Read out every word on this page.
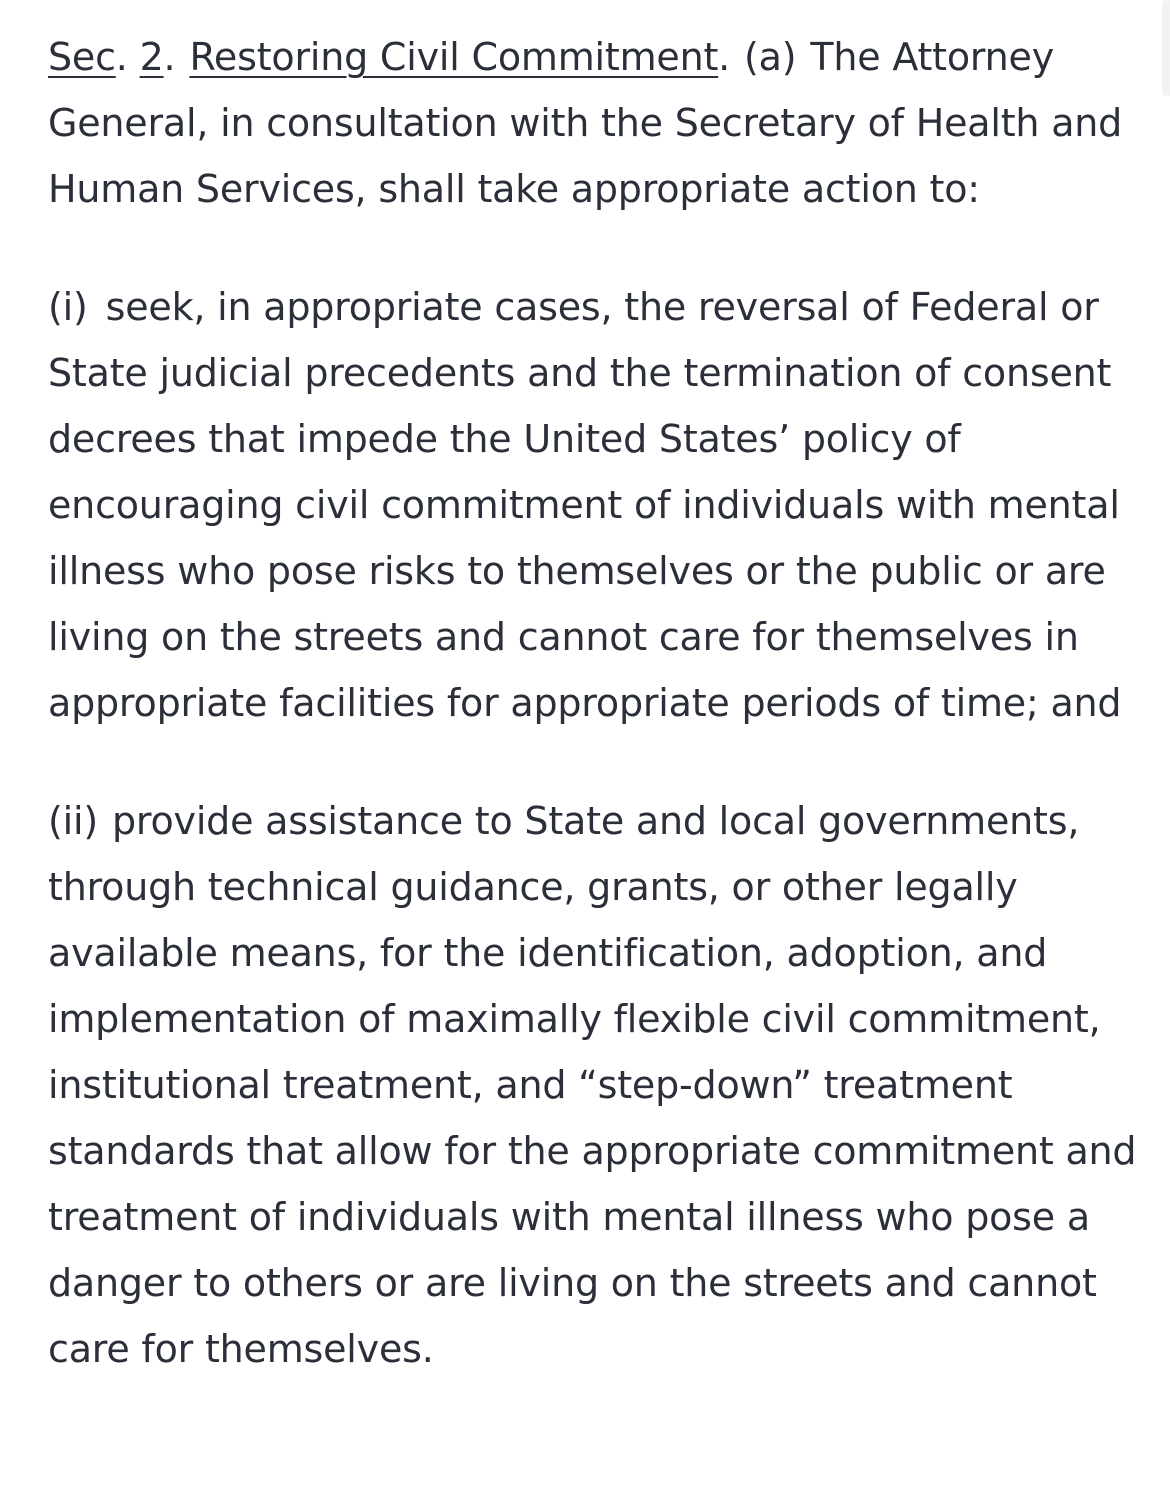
Sec. 2. Restoring Civil Commitment. (a) The Attorney General, in consultation with the Secretary of Health and Human Services, shall take appropriate action to:

(i) seek, in appropriate cases, the reversal of Federal or State judicial precedents and the termination of consent decrees that impede the United States’ policy of encouraging civil commitment of individuals with mental illness who pose risks to themselves or the public or are living on the streets and cannot care for themselves in appropriate facilities for appropriate periods of time; and

(ii) provide assistance to State and local governments, through technical guidance, grants, or other legally available means, for the identification, adoption, and implementation of maximally flexible civil commitment, institutional treatment, and “step-down” treatment standards that allow for the appropriate commitment and treatment of individuals with mental illness who pose a danger to others or are living on the streets and cannot care for themselves.
